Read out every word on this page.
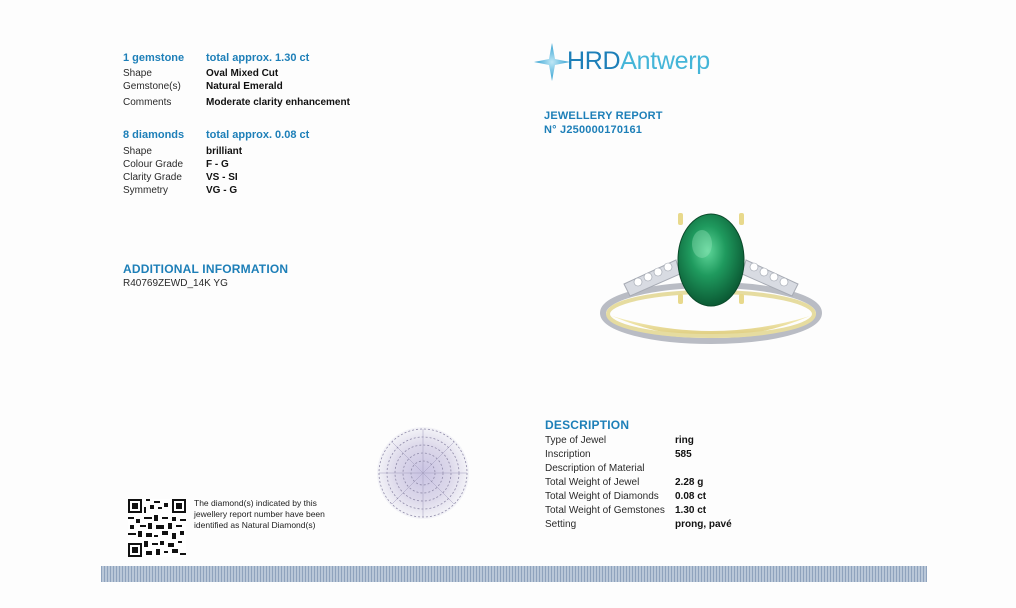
1 gemstone total approx. 1.30 ct
Shape	Oval Mixed Cut
Gemstone(s)	Natural Emerald
Comments	Moderate clarity enhancement
8 diamonds total approx. 0.08 ct
Shape	brilliant
Colour Grade F - G
Clarity Grade VS - SI
Symmetry	VG - G
ADDITIONAL INFORMATION
R40769ZEWD_14K YG
HRDAntwerp
JEWELLERY REPORT
N° J250000170161
DESCRIPTION
Type of Jewel	ring
Inscription	585
Description of Material
Total Weight of Jewel	2.28 g
Total Weight of Diamonds 0.08 ct
Total Weight of Gemstones 1.30 ct
Setting	prong, pavé
The diamond(s) indicated by this jewellery report number have been identified as Natural Diamond(s)
